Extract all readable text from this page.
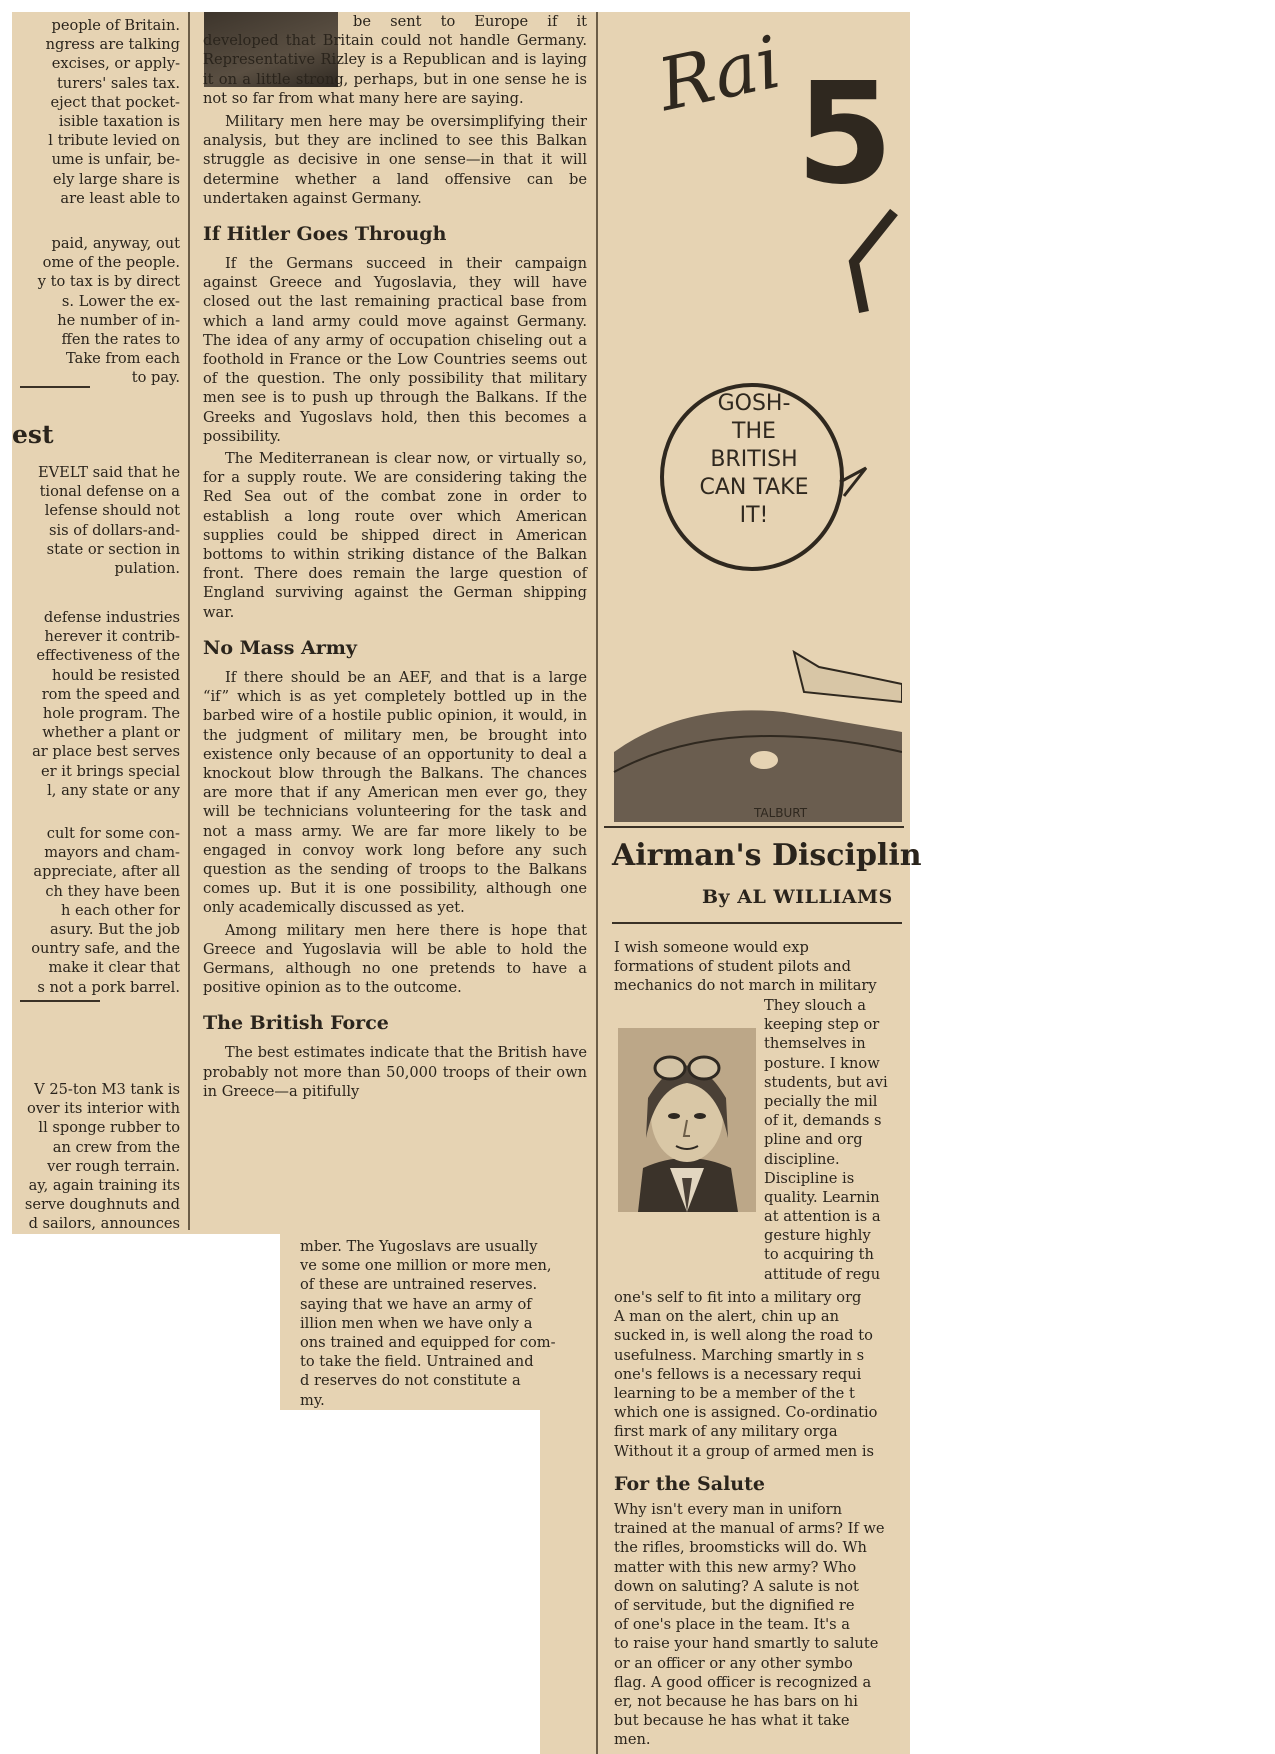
people of Britain.
ngress are talking
excises, or apply-
turers' sales tax.
eject that pocket-
isible taxation is
l tribute levied on
ume is unfair, be-
ely large share is
are least able to
paid, anyway, out
ome of the people.
y to tax is by direct
s. Lower the ex-
he number of in-
ffen the rates to
Take from each
to pay.
est
EVELT said that he
tional defense on a
lefense should not
sis of dollars-and-
state or section in
pulation.
defense industries
herever it contrib-
effectiveness of the
hould be resisted
rom the speed and
hole program. The
whether a plant or
ar place best serves
er it brings special
l, any state or any
cult for some con-
mayors and cham-
appreciate, after all
ch they have been
h each other for
asury. But the job
ountry safe, and the
make it clear that
s not a pork barrel.
V 25-ton M3 tank is
over its interior with
ll sponge rubber to
an crew from the
ver rough terrain.
ay, again training its
serve doughnuts and
d sailors, announces

be sent to Europe if it developed that Britain could not handle Germany. Representative Rizley is a Republican and is laying it on a little strong, perhaps, but in one sense he is not so far from what many here are saying.

Military men here may be oversimplifying their analysis, but they are inclined to see this Balkan struggle as decisive in one sense—in that it will determine whether a land offensive can be undertaken against Germany.

If Hitler Goes Through

If the Germans succeed in their campaign against Greece and Yugoslavia, they will have closed out the last remaining practical base from which a land army could move against Germany. The idea of any army of occupation chiseling out a foothold in France or the Low Countries seems out of the question. The only possibility that military men see is to push up through the Balkans. If the Greeks and Yugoslavs hold, then this becomes a possibility.

The Mediterranean is clear now, or virtually so, for a supply route. We are considering taking the Red Sea out of the combat zone in order to establish a long route over which American supplies could be shipped direct in American bottoms to within striking distance of the Balkan front. There does remain the large question of England surviving against the German shipping war.

No Mass Army

If there should be an AEF, and that is a large “if” which is as yet completely bottled up in the barbed wire of a hostile public opinion, it would, in the judgment of military men, be brought into existence only because of an opportunity to deal a knockout blow through the Balkans. The chances are more that if any American men ever go, they will be technicians volunteering for the task and not a mass army. We are far more likely to be engaged in convoy work long before any such question as the sending of troops to the Balkans comes up. But it is one possibility, although one only academically discussed as yet.

Among military men here there is hope that Greece and Yugoslavia will be able to hold the Germans, although no one pretends to have a positive opinion as to the outcome.

The British Force

The best estimates indicate that the British have probably not more than 50,000 troops of their own in Greece—a pitifully

mber. The Yugoslavs are usually
ve some one million or more men,
of these are untrained reserves.
saying that we have an army of
illion men when we have only a
ons trained and equipped for com-
to take the field. Untrained and
d reserves do not constitute a
my.
Rai 5
GOSH-
THE
BRITISH
CAN TAKE
IT!
TALBURT
Airman's Disciplin
By AL WILLIAMS
I wish someone would exp
formations of student pilots and
mechanics do not march in military
They slouch a
keeping step or
themselves in
posture. I know
students, but avi
pecially the mil
of it, demands s
pline and org
discipline.
Discipline is
quality. Learnin
at attention is a
gesture highly
to acquiring th
attitude of regu
one's self to fit into a military org
A man on the alert, chin up an
sucked in, is well along the road to
usefulness. Marching smartly in s
one's fellows is a necessary requi
learning to be a member of the t
which one is assigned. Co-ordinatio
first mark of any military orga
Without it a group of armed men is
For the Salute
Why isn't every man in uniforn
trained at the manual of arms? If we
the rifles, broomsticks will do. Wh
matter with this new army? Who
down on saluting? A salute is not
of servitude, but the dignified re
of one's place in the team. It's a
to raise your hand smartly to salute
or an officer or any other symbo
flag. A good officer is recognized a
er, not because he has bars on hi
but because he has what it take
men.
